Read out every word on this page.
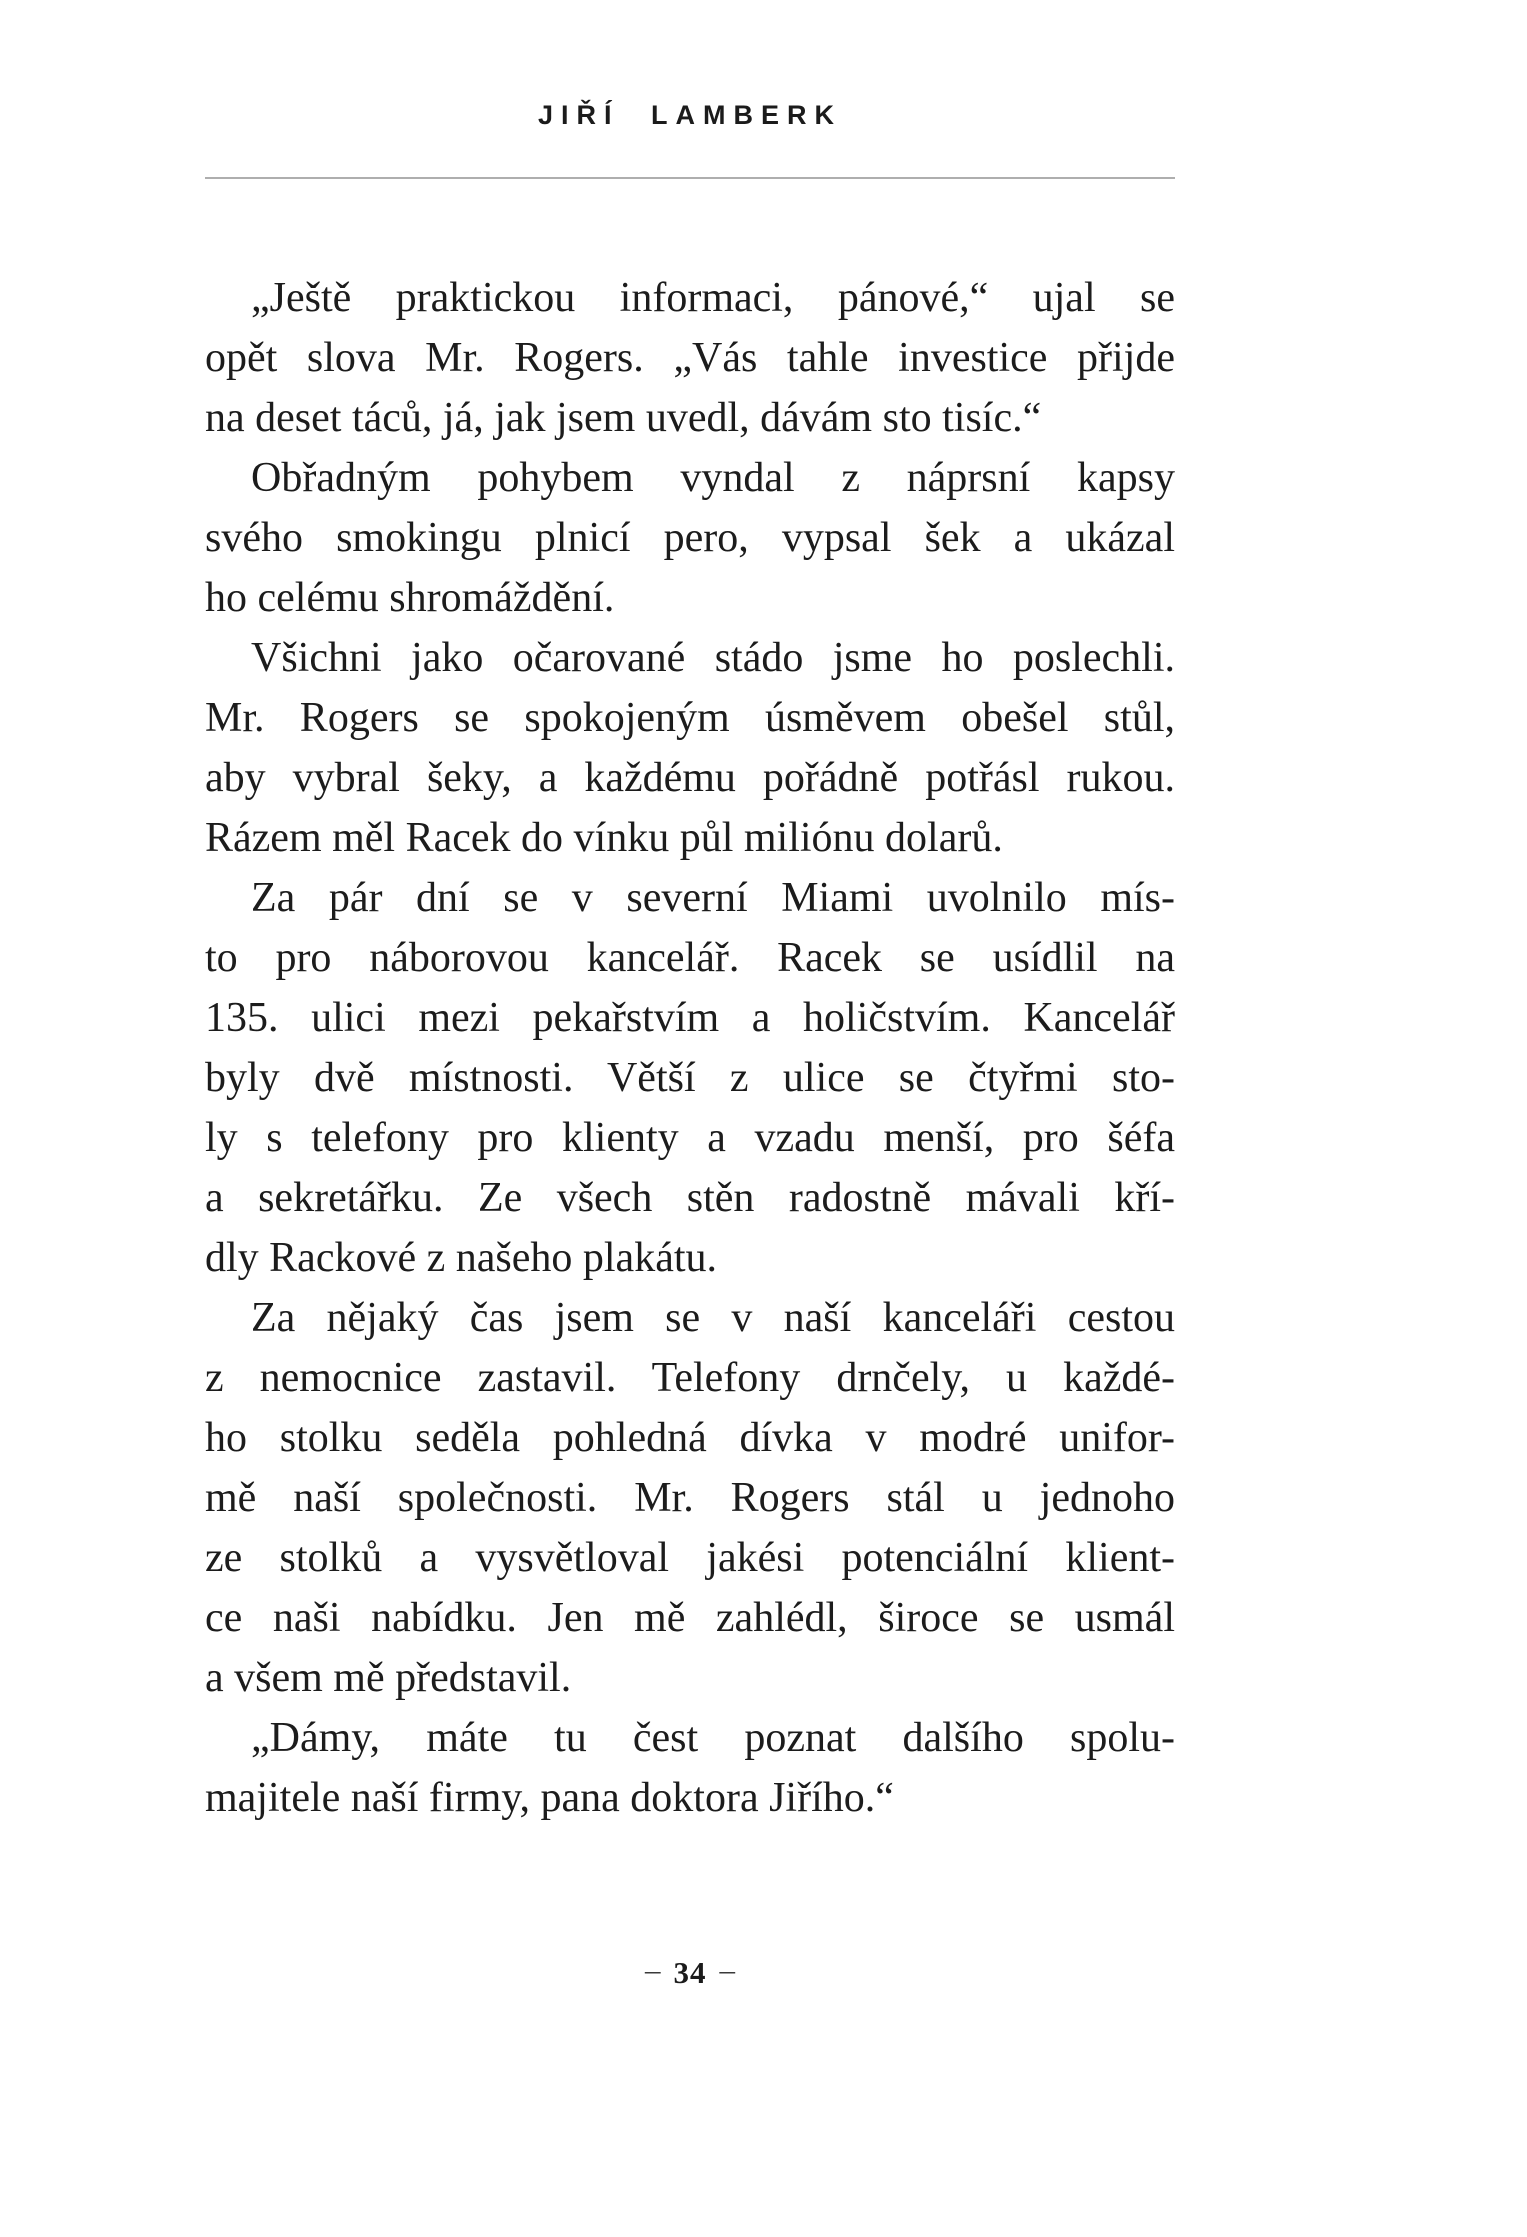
JIŘÍ LAMBERK
„Ještě praktickou informaci, pánové,“ ujal se
opět slova Mr. Rogers. „Vás tahle investice přijde
na deset táců, já, jak jsem uvedl, dávám sto tisíc.“
Obřadným pohybem vyndal z náprsní kapsy
svého smokingu plnicí pero, vypsal šek a ukázal
ho celému shromáždění.
Všichni jako očarované stádo jsme ho poslechli.
Mr. Rogers se spokojeným úsměvem obešel stůl,
aby vybral šeky, a každému pořádně potřásl rukou.
Rázem měl Racek do vínku půl miliónu dolarů.
Za pár dní se v severní Miami uvolnilo mís-
to pro náborovou kancelář. Racek se usídlil na
135. ulici mezi pekařstvím a holičstvím. Kancelář
byly dvě místnosti. Větší z ulice se čtyřmi sto-
ly s telefony pro klienty a vzadu menší, pro šéfa
a sekretářku. Ze všech stěn radostně mávali kří-
dly Rackové z našeho plakátu.
Za nějaký čas jsem se v naší kanceláři cestou
z nemocnice zastavil. Telefony drnčely, u každé-
ho stolku seděla pohledná dívka v modré unifor-
mě naší společnosti. Mr. Rogers stál u jednoho
ze stolků a vysvětloval jakési potenciální klient-
ce naši nabídku. Jen mě zahlédl, široce se usmál
a všem mě představil.
„Dámy, máte tu čest poznat dalšího spolu-
majitele naší firmy, pana doktora Jiřího.“
– 34 –
